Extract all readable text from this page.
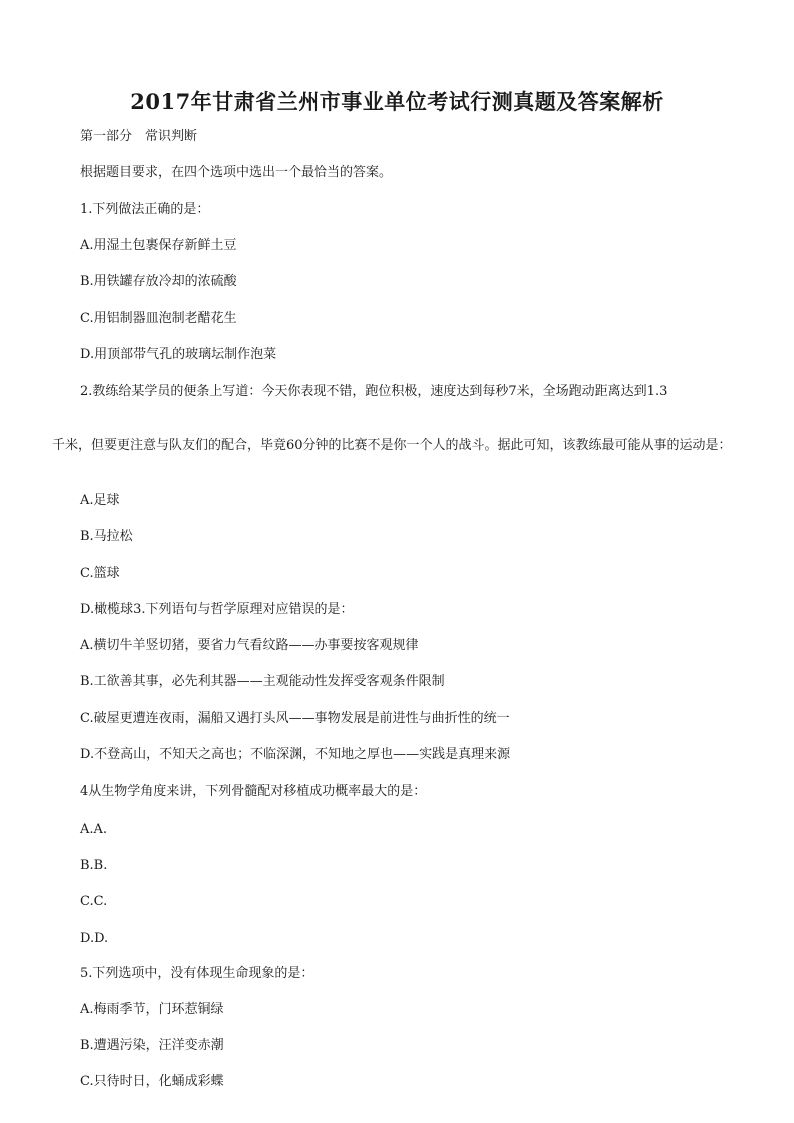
2017年甘肃省兰州市事业单位考试行测真题及答案解析
第一部分　常识判断
根据题目要求，在四个选项中选出一个最恰当的答案。
1.下列做法正确的是：
A.用湿土包裹保存新鲜土豆
B.用铁罐存放冷却的浓硫酸
C.用铝制器皿泡制老醋花生
D.用顶部带气孔的玻璃坛制作泡菜
2.教练给某学员的便条上写道：今天你表现不错，跑位积极，速度达到每秒7米，全场跑动距离达到1.3
千米，但要更注意与队友们的配合，毕竟60分钟的比赛不是你一个人的战斗。据此可知，该教练最可能从事的运动是：
A.足球
B.马拉松
C.篮球
D.橄榄球3.下列语句与哲学原理对应错误的是：
A.横切牛羊竖切猪，要省力气看纹路——办事要按客观规律
B.工欲善其事，必先利其器——主观能动性发挥受客观条件限制
C.破屋更遭连夜雨，漏船又遇打头风——事物发展是前进性与曲折性的统一
D.不登高山，不知天之高也；不临深渊，不知地之厚也——实践是真理来源
4从生物学角度来讲，下列骨髓配对移植成功概率最大的是：
A.A.
B.B.
C.C.
D.D.
5.下列选项中，没有体现生命现象的是：
A.梅雨季节，门环惹铜绿
B.遭遇污染，汪洋变赤潮
C.只待时日，化蛹成彩蝶
